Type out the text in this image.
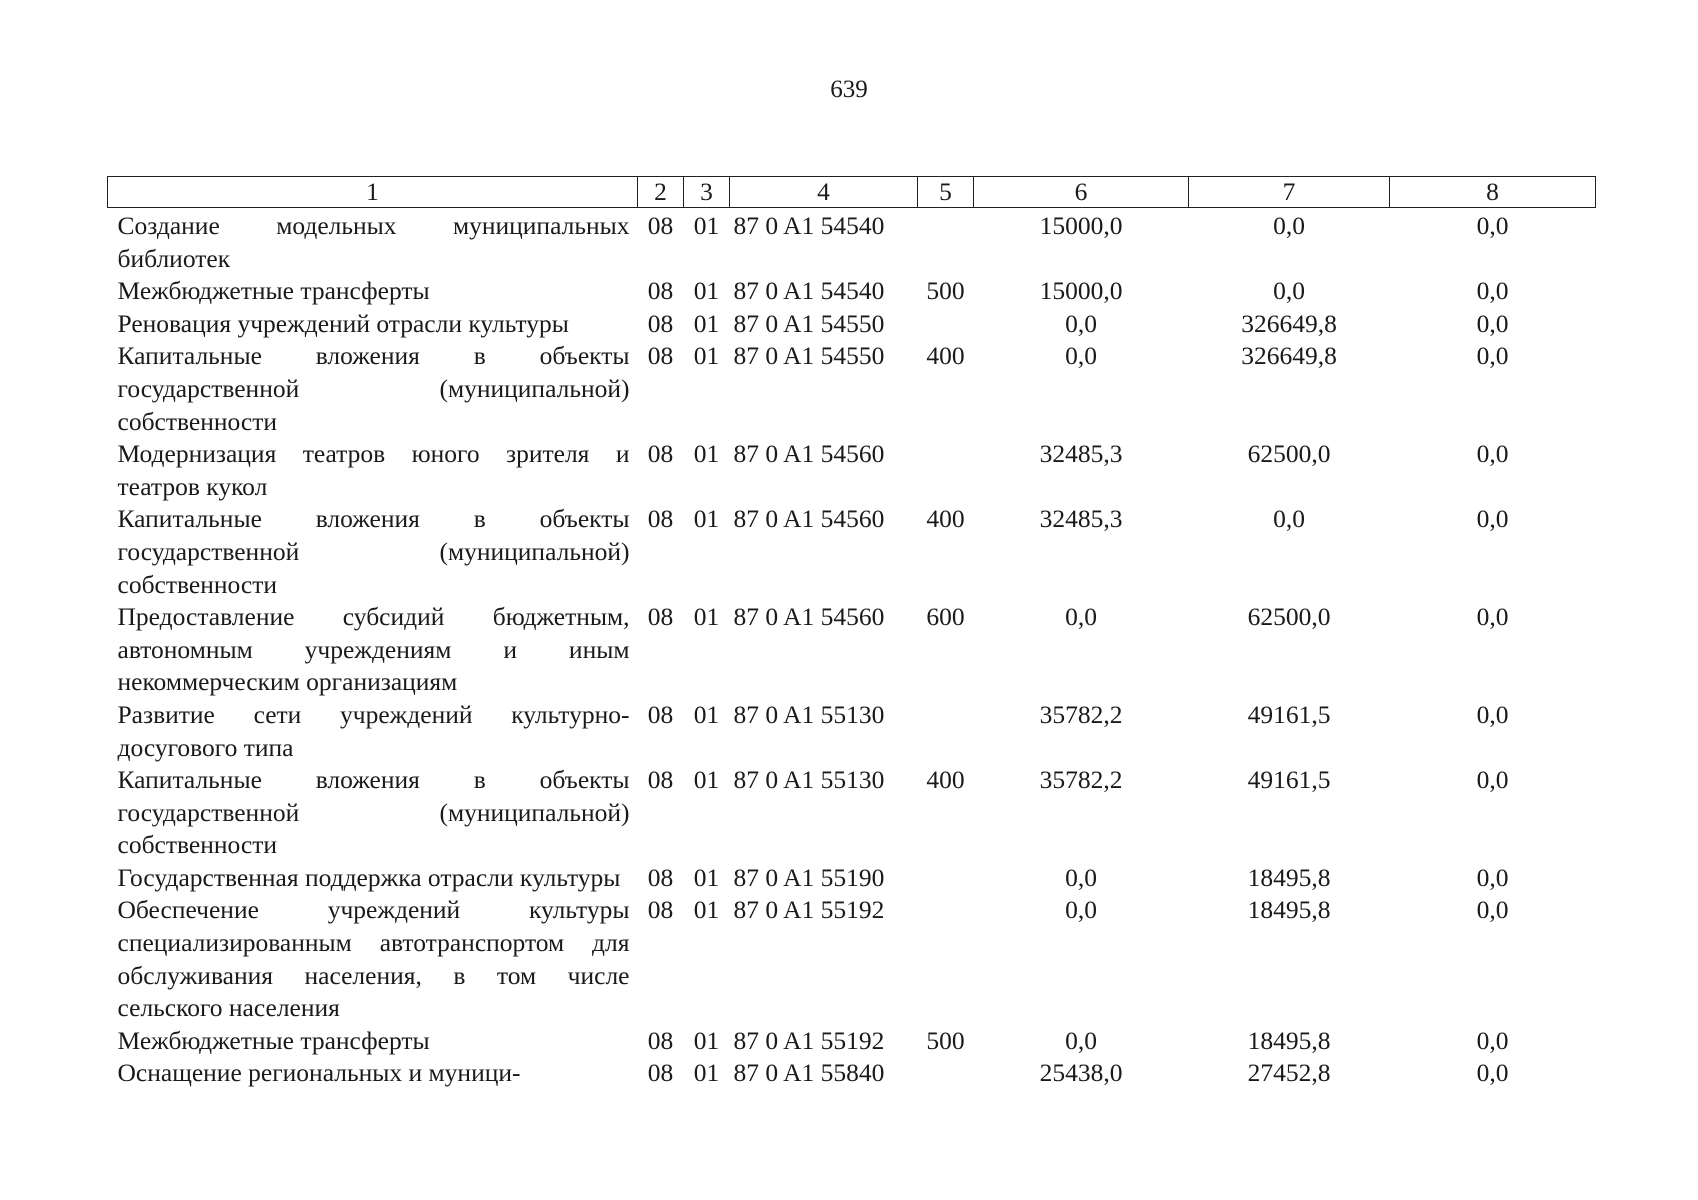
639
1	2	3	4	5	6	7	8
Создание модельных муниципальных библиотек	08	01	87 0 A1 54540		15000,0	0,0	0,0
Межбюджетные трансферты	08	01	87 0 A1 54540	500	15000,0	0,0	0,0
Реновация учреждений отрасли культуры	08	01	87 0 A1 54550		0,0	326649,8	0,0
Капитальные вложения в объекты государственной (муниципальной) собственности	08	01	87 0 A1 54550	400	0,0	326649,8	0,0
Модернизация театров юного зрителя и театров кукол	08	01	87 0 A1 54560		32485,3	62500,0	0,0
Капитальные вложения в объекты государственной (муниципальной) собственности	08	01	87 0 A1 54560	400	32485,3	0,0	0,0
Предоставление субсидий бюджетным, автономным учреждениям и иным некоммерческим организациям	08	01	87 0 A1 54560	600	0,0	62500,0	0,0
Развитие сети учреждений культурно-досугового типа	08	01	87 0 A1 55130		35782,2	49161,5	0,0
Капитальные вложения в объекты государственной (муниципальной) собственности	08	01	87 0 A1 55130	400	35782,2	49161,5	0,0
Государственная поддержка отрасли культуры	08	01	87 0 A1 55190		0,0	18495,8	0,0
Обеспечение учреждений культуры специализированным автотранспортом для обслуживания населения, в том числе сельского населения	08	01	87 0 A1 55192		0,0	18495,8	0,0
Межбюджетные трансферты	08	01	87 0 A1 55192	500	0,0	18495,8	0,0
Оснащение региональных и муници-	08	01	87 0 A1 55840		25438,0	27452,8	0,0
